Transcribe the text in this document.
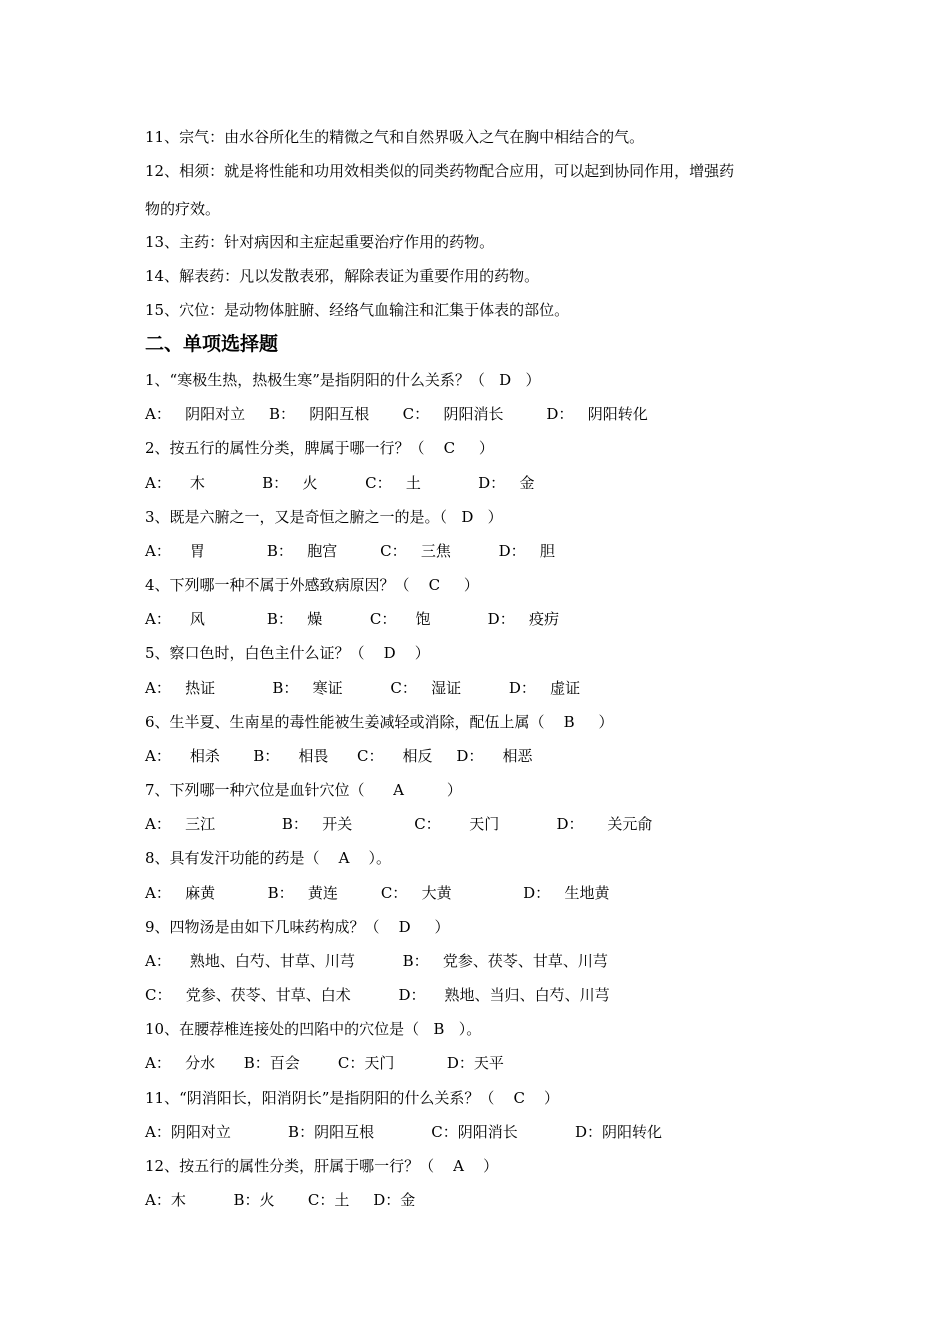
11、宗气：由水谷所化生的精微之气和自然界吸入之气在胸中相结合的气。
12、相须：就是将性能和功用效相类似的同类药物配合应用，可以起到协同作用，增强药
物的疗效。
13、主药：针对病因和主症起重要治疗作用的药物。
14、解表药：凡以发散表邪，解除表证为重要作用的药物。
15、穴位：是动物体脏腑、经络气血输注和汇集于体表的部位。
二、单项选择题
1、“寒极生热，热极生寒”是指阴阳的什么关系？（   D   ）
A：   阴阳对立     B：   阴阳互根       C：   阴阳消长         D：   阴阳转化
2、按五行的属性分类，脾属于哪一行？（    C     ）
A：    木            B：   火          C：   土            D：   金
3、既是六腑之一，又是奇恒之腑之一的是。（   D   ）
A：    胃             B：   胞宫         C：   三焦          D：   胆
4、下列哪一种不属于外感致病原因？（    C     ）
A：    风             B：   燥          C：    饱            D：   疫疠
5、察口色时，白色主什么证？（    D    ）
A：   热证            B：   寒证          C：   湿证          D：   虚证
6、生半夏、生南星的毒性能被生姜减轻或消除，配伍上属（    B     ）
A：    相杀       B：    相畏      C：    相反     D：    相恶
7、下列哪一种穴位是血针穴位（      A         ）
A：   三江              B：   开关             C：      天门            D：     关元俞
8、具有发汗功能的药是（    A    ）。
A：   麻黄           B：   黄连         C：   大黄               D：   生地黄
9、四物汤是由如下几味药构成？（    D     ）
A：    熟地、白芍、甘草、川芎          B：   党参、茯苓、甘草、川芎
C：   党参、茯苓、甘草、白术          D：    熟地、当归、白芍、川芎
10、在腰荐椎连接处的凹陷中的穴位是（   B   ）。
A：   分水      B：百会        C：天门           D：天平
11、“阴消阳长，阳消阴长”是指阴阳的什么关系？（    C    ）
A：阴阳对立            B：阴阳互根            C：阴阳消长            D：阴阳转化
12、按五行的属性分类，肝属于哪一行？（    A    ）
A：木          B：火       C：土     D：金
